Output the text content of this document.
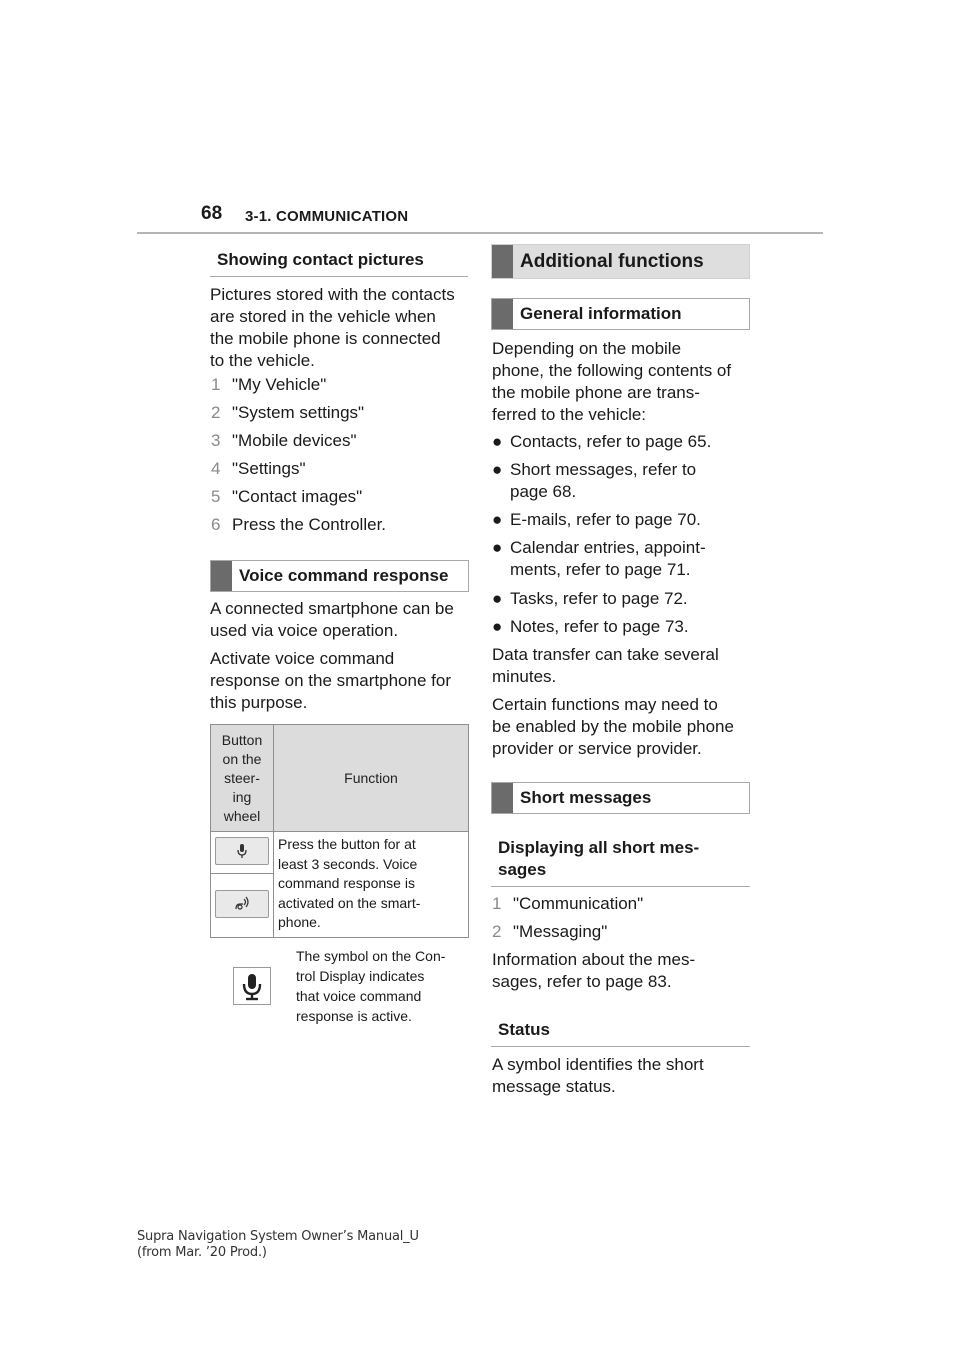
68 3-1. COMMUNICATION
Showing contact pictures
Pictures stored with the contacts
are stored in the vehicle when
the mobile phone is connected
to the vehicle.
1 "My Vehicle"
2 "System settings"
3 "Mobile devices"
4 "Settings"
5 "Contact images"
6 Press the Controller.
Voice command response
A connected smartphone can be
used via voice operation.
Activate voice command
response on the smartphone for
this purpose.
Button
on the
steer-
ing
wheel	Function

Press the button for at
least 3 seconds. Voice
command response is
activated on the smart-
phone.

The symbol on the Con-
trol Display indicates
that voice command
response is active.
Additional functions
General information
Depending on the mobile
phone, the following contents of
the mobile phone are trans-
ferred to the vehicle:
● Contacts, refer to page 65.
● Short messages, refer to
page 68.
● E-mails, refer to page 70.
● Calendar entries, appoint-
ments, refer to page 71.
● Tasks, refer to page 72.
● Notes, refer to page 73.
Data transfer can take several
minutes.
Certain functions may need to
be enabled by the mobile phone
provider or service provider.
Short messages
Displaying all short mes-
sages
1 "Communication"
2 "Messaging"
Information about the mes-
sages, refer to page 83.
Status
A symbol identifies the short
message status.
Supra Navigation System Owner’s Manual_U
(from Mar. ’20 Prod.)
